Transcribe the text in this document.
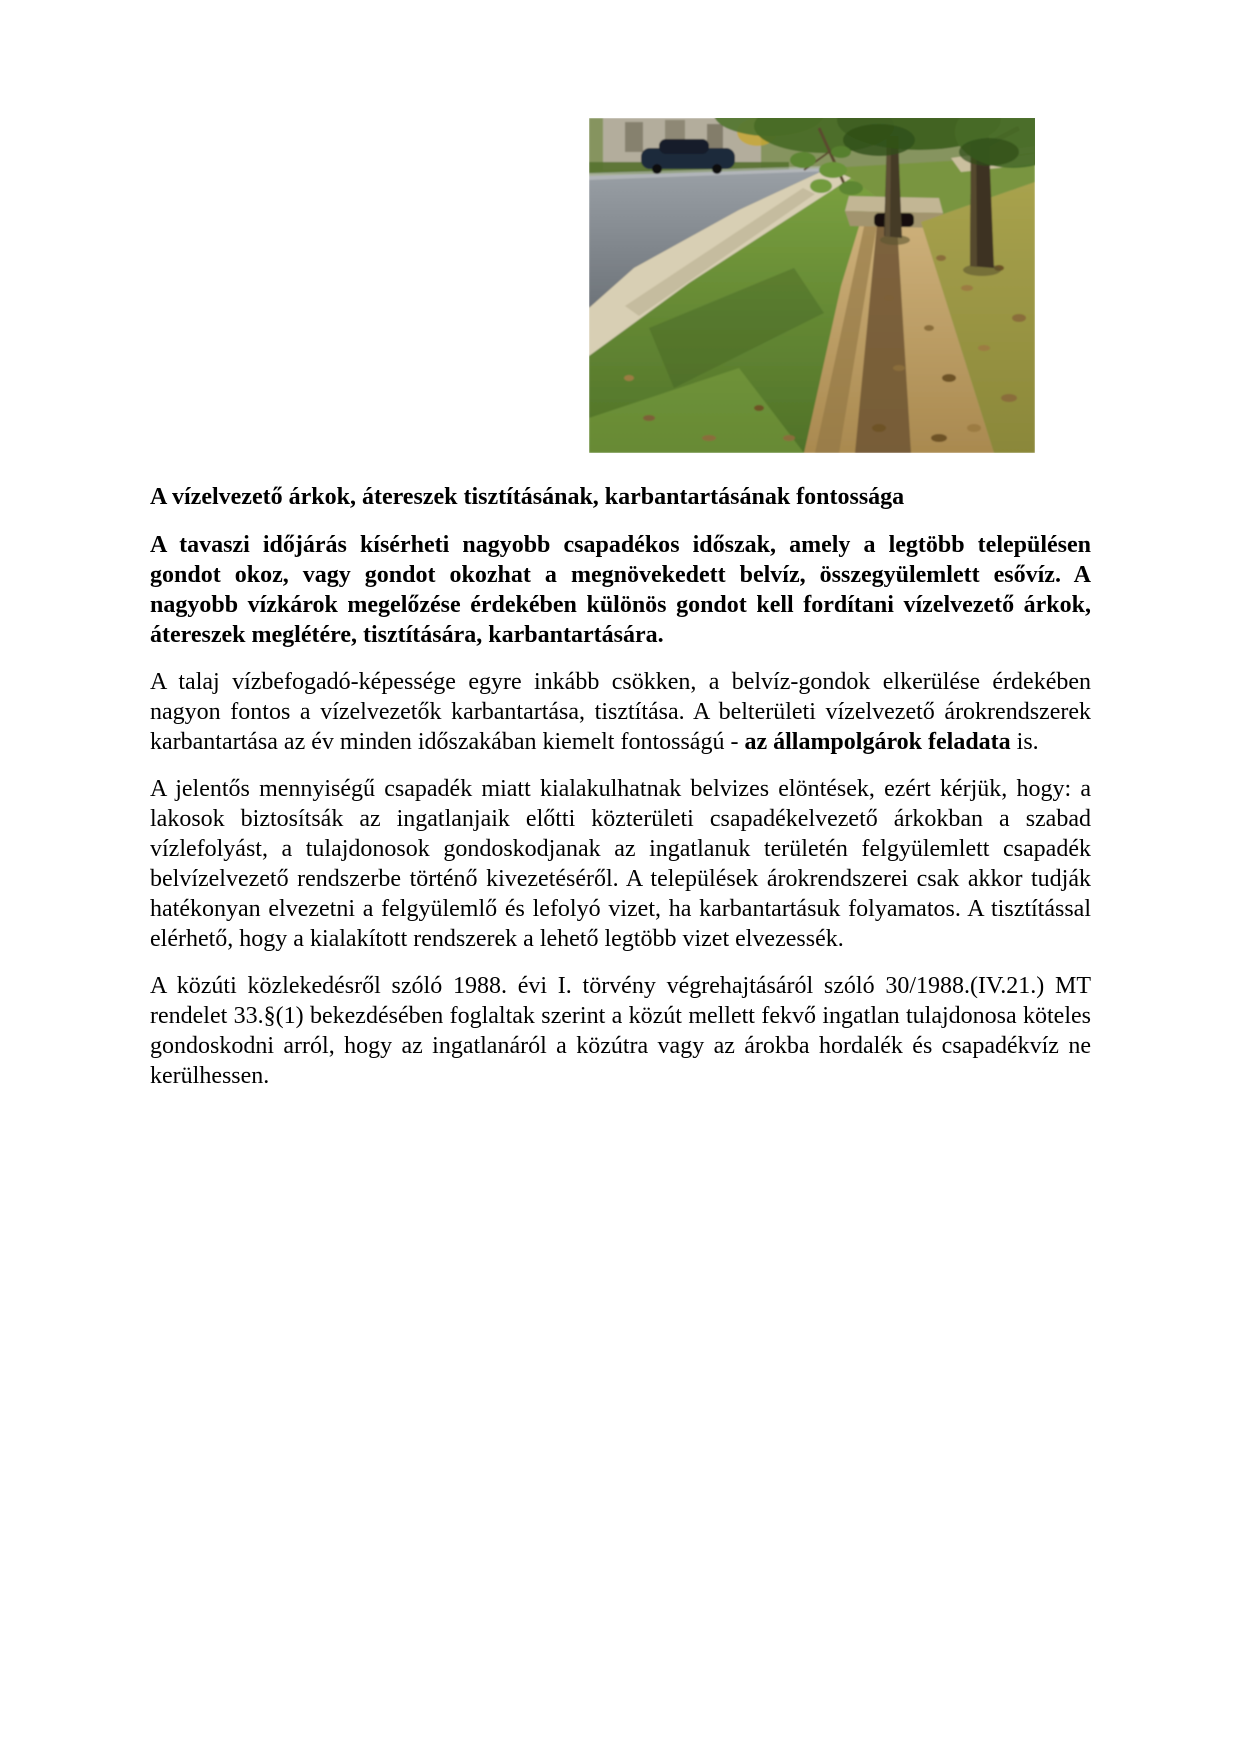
A vízelvezető árkok, átereszek tisztításának, karbantartásának fontossága

A tavaszi időjárás kísérheti nagyobb csapadékos időszak, amely a legtöbb településen gondot okoz, vagy gondot okozhat a megnövekedett belvíz, összegyülemlett esővíz. A nagyobb vízkárok megelőzése érdekében különös gondot kell fordítani vízelvezető árkok, átereszek meglétére, tisztítására, karbantartására.

A talaj vízbefogadó-képessége egyre inkább csökken, a belvíz-gondok elkerülése érdekében nagyon fontos a vízelvezetők karbantartása, tisztítása. A belterületi vízelvezető árokrendszerek karbantartása az év minden időszakában kiemelt fontosságú - az állampolgárok feladata is.

A jelentős mennyiségű csapadék miatt kialakulhatnak belvizes elöntések, ezért kérjük, hogy: a lakosok biztosítsák az ingatlanjaik előtti közterületi csapadékelvezető árkokban a szabad vízlefolyást, a tulajdonosok gondoskodjanak az ingatlanuk területén felgyülemlett csapadék belvízelvezető rendszerbe történő kivezetéséről. A települések árokrendszerei csak akkor tudják hatékonyan elvezetni a felgyülemlő és lefolyó vizet, ha karbantartásuk folyamatos. A tisztítással elérhető, hogy a kialakított rendszerek a lehető legtöbb vizet elvezessék.

A közúti közlekedésről szóló 1988. évi I. törvény végrehajtásáról szóló 30/1988.(IV.21.) MT rendelet 33.§(1) bekezdésében foglaltak szerint a közút mellett fekvő ingatlan tulajdonosa köteles gondoskodni arról, hogy az ingatlanáról a közútra vagy az árokba hordalék és csapadékvíz ne kerülhessen.
